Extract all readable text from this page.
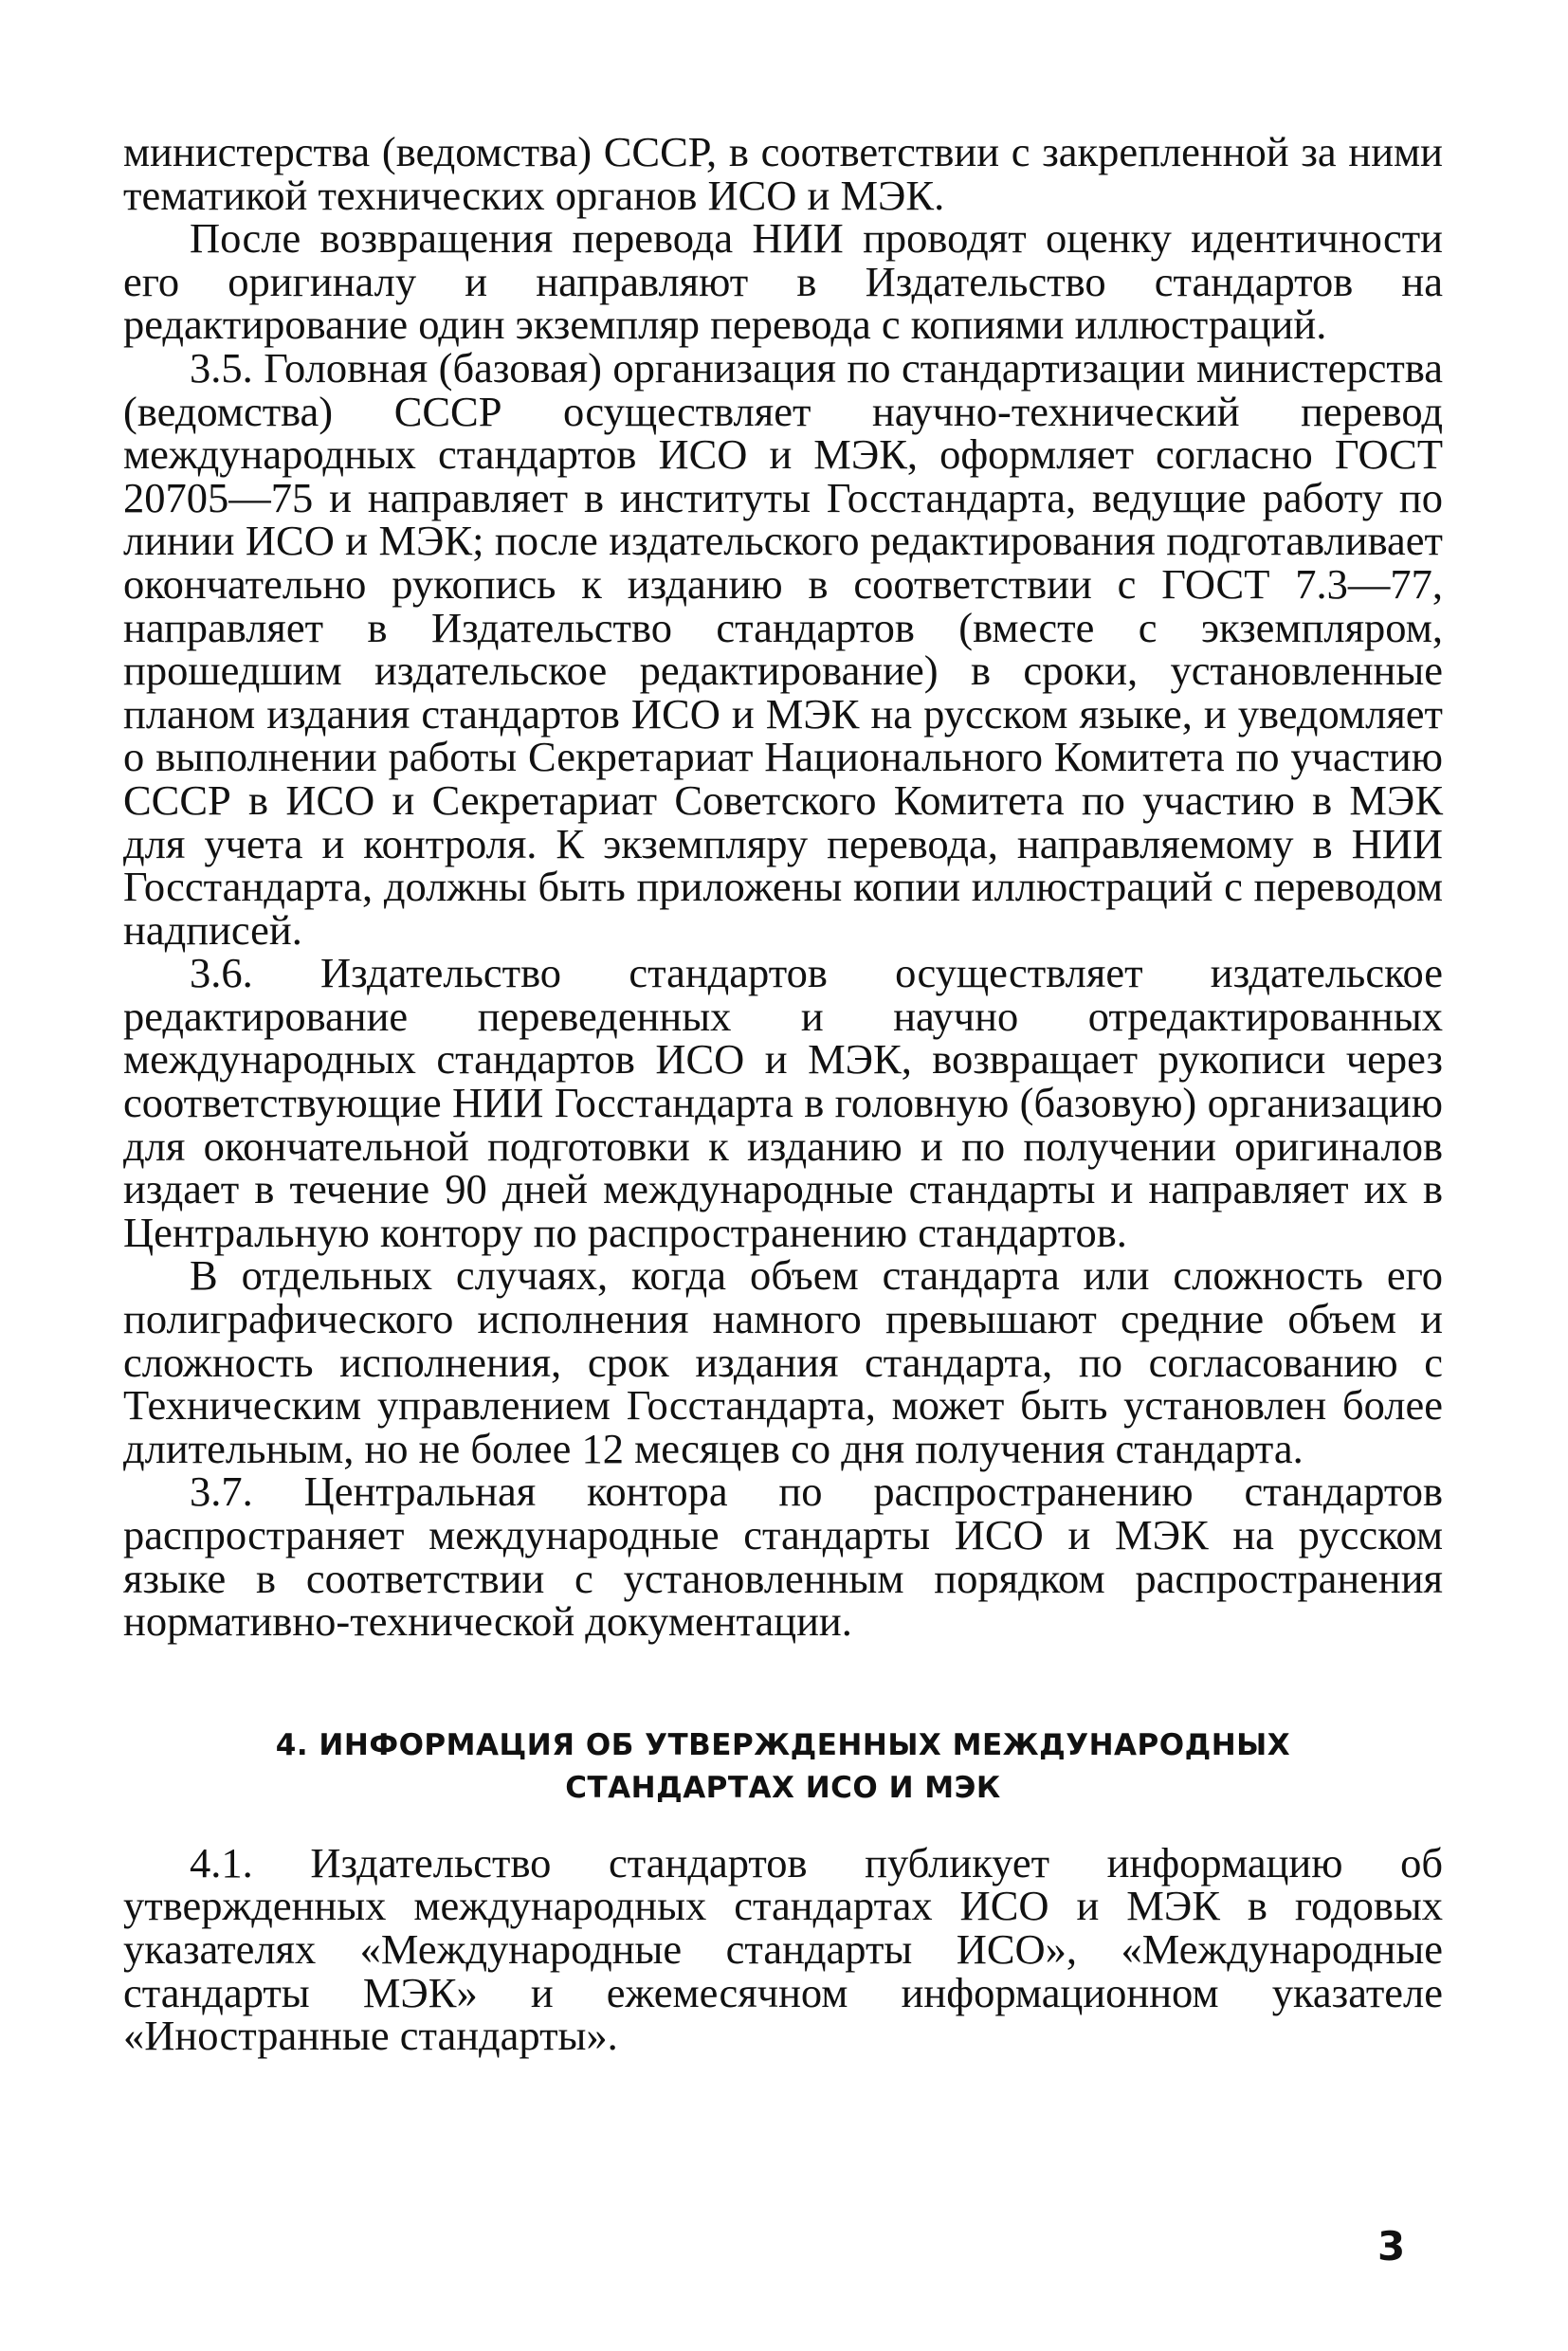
министерства (ведомства) СССР, в соответствии с закрепленной за ними тематикой технических органов ИСО и МЭК.

После возвращения перевода НИИ проводят оценку идентичности его оригиналу и направляют в Издательство стандартов на редактирование один экземпляр перевода с копиями иллюстраций.

3.5. Головная (базовая) организация по стандартизации министерства (ведомства) СССР осуществляет научно-технический перевод международных стандартов ИСО и МЭК, оформляет согласно ГОСТ 20705—75 и направляет в институты Госстандарта, ведущие работу по линии ИСО и МЭК; после издательского редактирования подготавливает окончательно рукопись к изданию в соответствии с ГОСТ 7.3—77, направляет в Издательство стандартов (вместе с экземпляром, прошедшим издательское редактирование) в сроки, установленные планом издания стандартов ИСО и МЭК на русском языке, и уведомляет о выполнении работы Секретариат Национального Комитета по участию СССР в ИСО и Секретариат Советского Комитета по участию в МЭК для учета и контроля. К экземпляру перевода, направляемому в НИИ Госстандарта, должны быть приложены копии иллюстраций с переводом надписей.

3.6. Издательство стандартов осуществляет издательское редактирование переведенных и научно отредактированных международных стандартов ИСО и МЭК, возвращает рукописи через соответствующие НИИ Госстандарта в головную (базовую) организацию для окончательной подготовки к изданию и по получении оригиналов издает в течение 90 дней международные стандарты и направляет их в Центральную контору по распространению стандартов.

В отдельных случаях, когда объем стандарта или сложность его полиграфического исполнения намного превышают средние объем и сложность исполнения, срок издания стандарта, по согласованию с Техническим управлением Госстандарта, может быть установлен более длительным, но не более 12 месяцев со дня получения стандарта.

3.7. Центральная контора по распространению стандартов распространяет международные стандарты ИСО и МЭК на русском языке в соответствии с установленным порядком распространения нормативно-технической документации.

4. ИНФОРМАЦИЯ ОБ УТВЕРЖДЕННЫХ МЕЖДУНАРОДНЫХ
СТАНДАРТАХ ИСО И МЭК

4.1. Издательство стандартов публикует информацию об утвержденных международных стандартах ИСО и МЭК в годовых указателях «Международные стандарты ИСО», «Международные стандарты МЭК» и ежемесячном информационном указателе «Иностранные стандарты».

3
